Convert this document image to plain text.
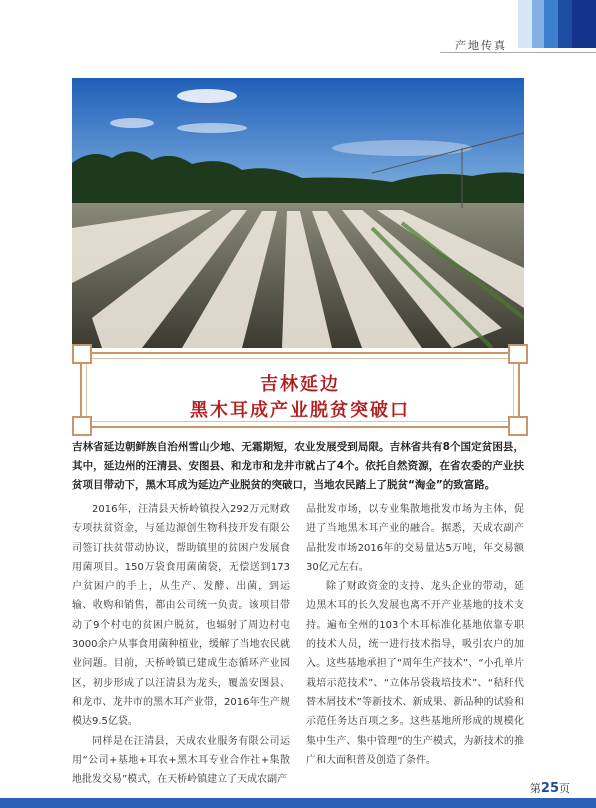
产地传真
吉林延边
黑木耳成产业脱贫突破口
吉林省延边朝鲜族自治州雪山少地、无霜期短，农业发展受到局限。吉林省共有8个国定贫困县，其中，延边州的汪清县、安图县、和龙市和龙井市就占了4个。依托自然资源，在省农委的产业扶贫项目带动下，黑木耳成为延边产业脱贫的突破口，当地农民踏上了脱贫“淘金”的致富路。

2016年，汪清县天桥岭镇投入292万元财政专项扶贫资金，与延边源创生物科技开发有限公司签订扶贫带动协议，帮助镇里的贫困户发展食用菌项目。150万袋食用菌菌袋，无偿送到173户贫困户的手上，从生产、发酵、出菌，到运输、收购和销售，都由公司统一负责。该项目带动了9个村屯的贫困户脱贫，也辐射了周边村屯3000余户从事食用菌种植业，缓解了当地农民就业问题。目前，天桥岭镇已建成生态循环产业园区，初步形成了以汪清县为龙头，覆盖安图县、和龙市、龙井市的黑木耳产业带，2016年生产规模达9.5亿袋。

同样是在汪清县，天成农业服务有限公司运用“公司+基地+耳农+黑木耳专业合作社+集散地批发交易”模式，在天桥岭镇建立了天成农副产

品批发市场，以专业集散地批发市场为主体，促进了当地黑木耳产业的融合。据悉，天成农副产品批发市场2016年的交易量达5万吨，年交易额30亿元左右。

除了财政资金的支持、龙头企业的带动，延边黑木耳的长久发展也离不开产业基地的技术支持。遍布全州的103个木耳标准化基地依靠专职的技术人员，统一进行技术指导，吸引农户的加入。这些基地承担了“周年生产技术”、“小孔单片栽培示范技术”、“立体吊袋栽培技术”、“秸秆代替木屑技术”等新技术、新成果、新品种的试验和示范任务达百项之多。这些基地所形成的规模化集中生产、集中管理”的生产模式，为新技术的推广和大面积普及创造了条件。

第25页
